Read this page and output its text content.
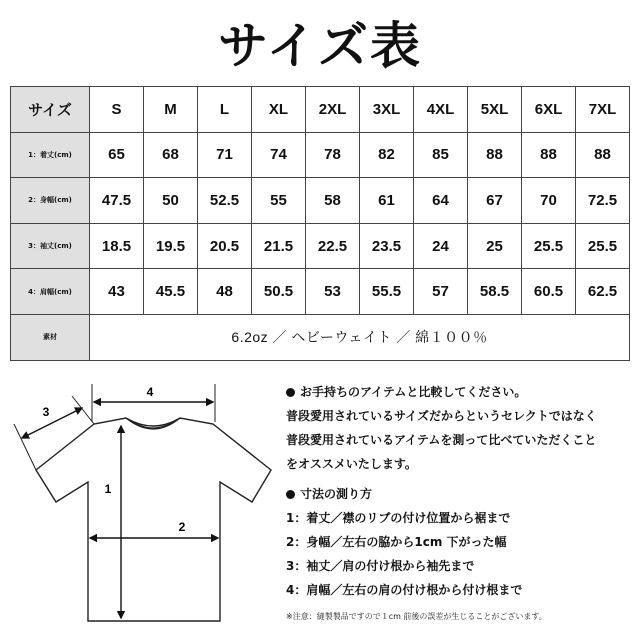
サイズ表
サイズ	S	M	L	XL	2XL	3XL	4XL	5XL	6XL	7XL
1：着丈(cm)	65	68	71	74	78	82	85	88	88	88
2：身幅(cm)	47.5	50	52.5	55	58	61	64	67	70	72.5
3：袖丈(cm)	18.5	19.5	20.5	21.5	22.5	23.5	24	25	25.5	25.5
4：肩幅(cm)	43	45.5	48	50.5	53	55.5	57	58.5	60.5	62.5
素材	6.2oz ／ ヘビーウェイト ／ 綿１００％									
4
3
1
2
お手持ちのアイテムと比較してください。
普段愛用されているサイズだからというセレクトではなく
普段愛用されているアイテムを測って比べていただくこと
をオススメいたします。
寸法の測り方
1：着丈／襟のリブの付け位置から裾まで
2：身幅／左右の脇から1cm 下がった幅
3：袖丈／肩の付け根から袖先まで
4：肩幅／左右の肩の付け根から付け根まで
※注意：縫製製品ですので１cm 前後の誤差が生じることがございます。
